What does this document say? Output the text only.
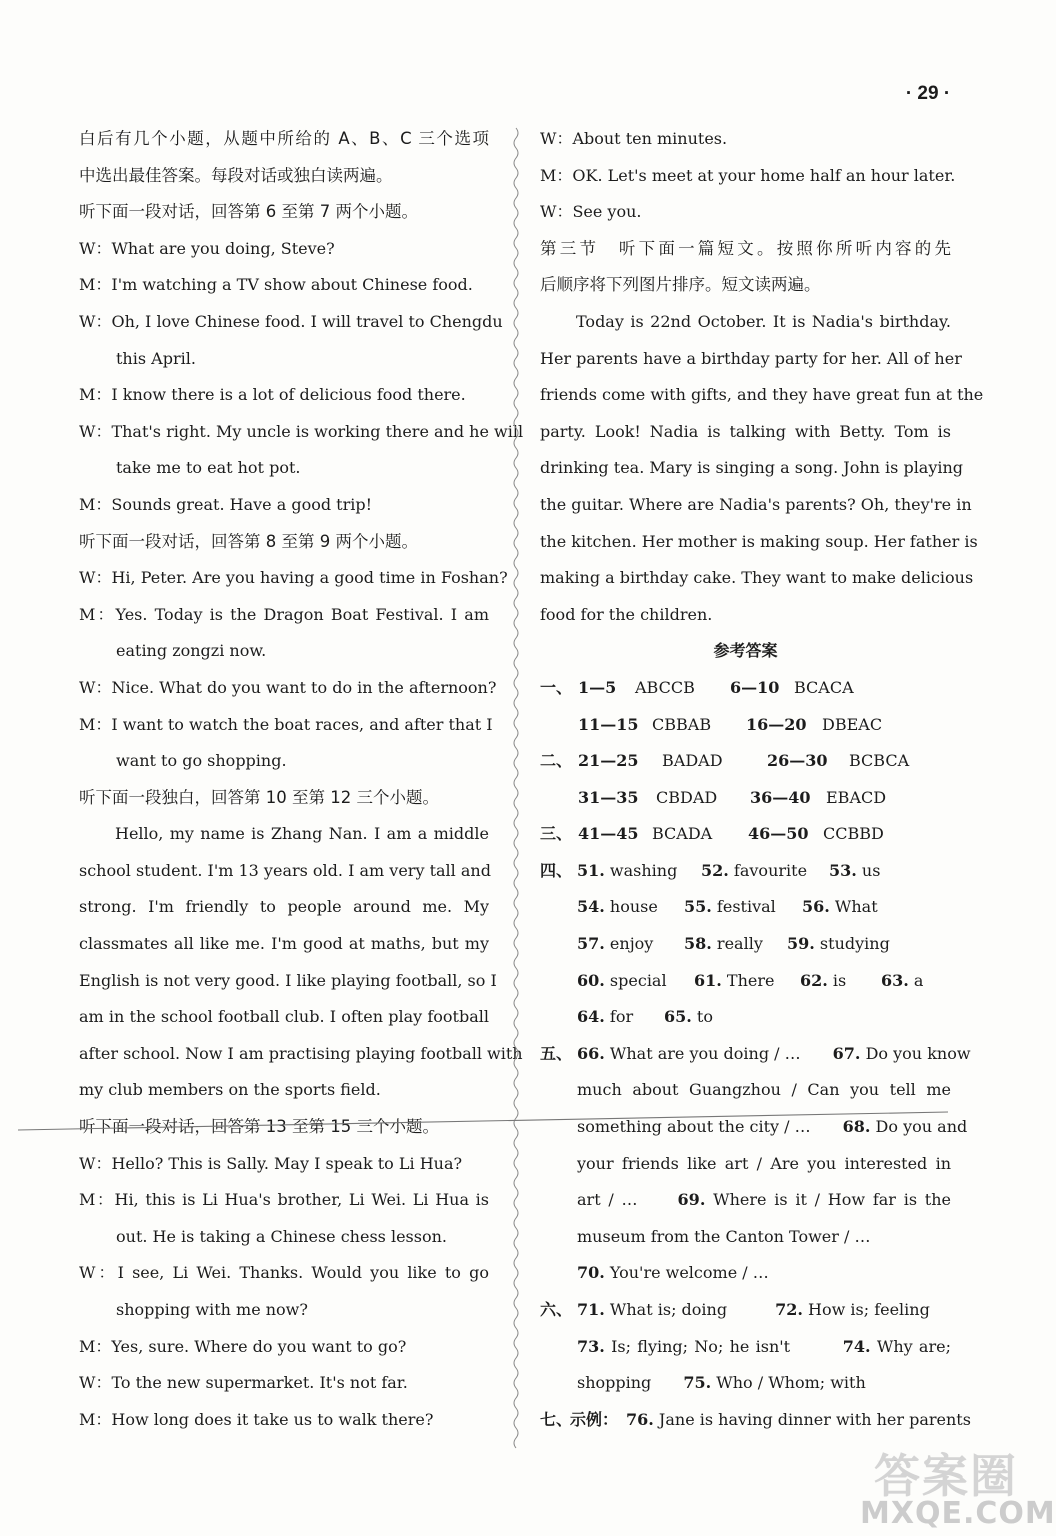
· 29 ·
白后有几个小题，从题中所给的 A、B、C 三个选项
中选出最佳答案。每段对话或独白读两遍。
听下面一段对话，回答第 6 至第 7 两个小题。
W：What are you doing, Steve?
M：I'm watching a TV show about Chinese food.
W：Oh, I love Chinese food. I will travel to Chengdu
this April.
M：I know there is a lot of delicious food there.
W：That's right. My uncle is working there and he will
take me to eat hot pot.
M：Sounds great. Have a good trip!
听下面一段对话，回答第 8 至第 9 两个小题。
W：Hi, Peter. Are you having a good time in Foshan?
M：Yes. Today is the Dragon Boat Festival. I am
eating zongzi now.
W：Nice. What do you want to do in the afternoon?
M：I want to watch the boat races, and after that I
want to go shopping.
听下面一段独白，回答第 10 至第 12 三个小题。
Hello, my name is Zhang Nan. I am a middle
school student. I'm 13 years old. I am very tall and
strong. I'm friendly to people around me. My
classmates all like me. I'm good at maths, but my
English is not very good. I like playing football, so I
am in the school football club. I often play football
after school. Now I am practising playing football with
my club members on the sports field.
听下面一段对话，回答第 13 至第 15 三个小题。
W：Hello? This is Sally. May I speak to Li Hua?
M：Hi, this is Li Hua's brother, Li Wei. Li Hua is
out. He is taking a Chinese chess lesson.
W：I see, Li Wei. Thanks. Would you like to go
shopping with me now?
M：Yes, sure. Where do you want to go?
W：To the new supermarket. It's not far.
M：How long does it take us to walk there?
W：About ten minutes.
M：OK. Let's meet at your home half an hour later.
W：See you.
第三节　听下面一篇短文。按照你所听内容的先
后顺序将下列图片排序。短文读两遍。
Today is 22nd October. It is Nadia's birthday.
Her parents have a birthday party for her. All of her
friends come with gifts, and they have great fun at the
party. Look! Nadia is talking with Betty. Tom is
drinking tea. Mary is singing a song. John is playing
the guitar. Where are Nadia's parents? Oh, they're in
the kitchen. Her mother is making soup. Her father is
making a birthday cake. They want to make delicious
food for the children.
参考答案
一、 1—5 ABCCB 6—10 BCACA
11—15 CBBAB 16—20 DBEAC
二、 21—25 BADAD	26—30 BCBCA
31—35 CBDAD 36—40 EBACD
三、 41—45 BCADA 46—50 CCBBD
四、 51. washing 52. favourite 53. us
54. house 55. festival 56. What
57. enjoy 58. really 59. studying
60. special 61. There 62. is 63. a
64. for 65. to
五、 66. What are you doing / …　　67. Do you know
much about Guangzhou / Can you tell me
something about the city / …　　68. Do you and
your friends like art / Are you interested in
art / …　　69. Where is it / How far is the
museum from the Canton Tower / …
70. You're welcome / …
六、 71. What is; doing　　　72. How is; feeling
73. Is; flying; No; he isn't　　　74. Why are;
shopping　　75. Who / Whom; with
七、
示例： 76. Jane is having dinner with her parents
答案圈
MXQE.COM
